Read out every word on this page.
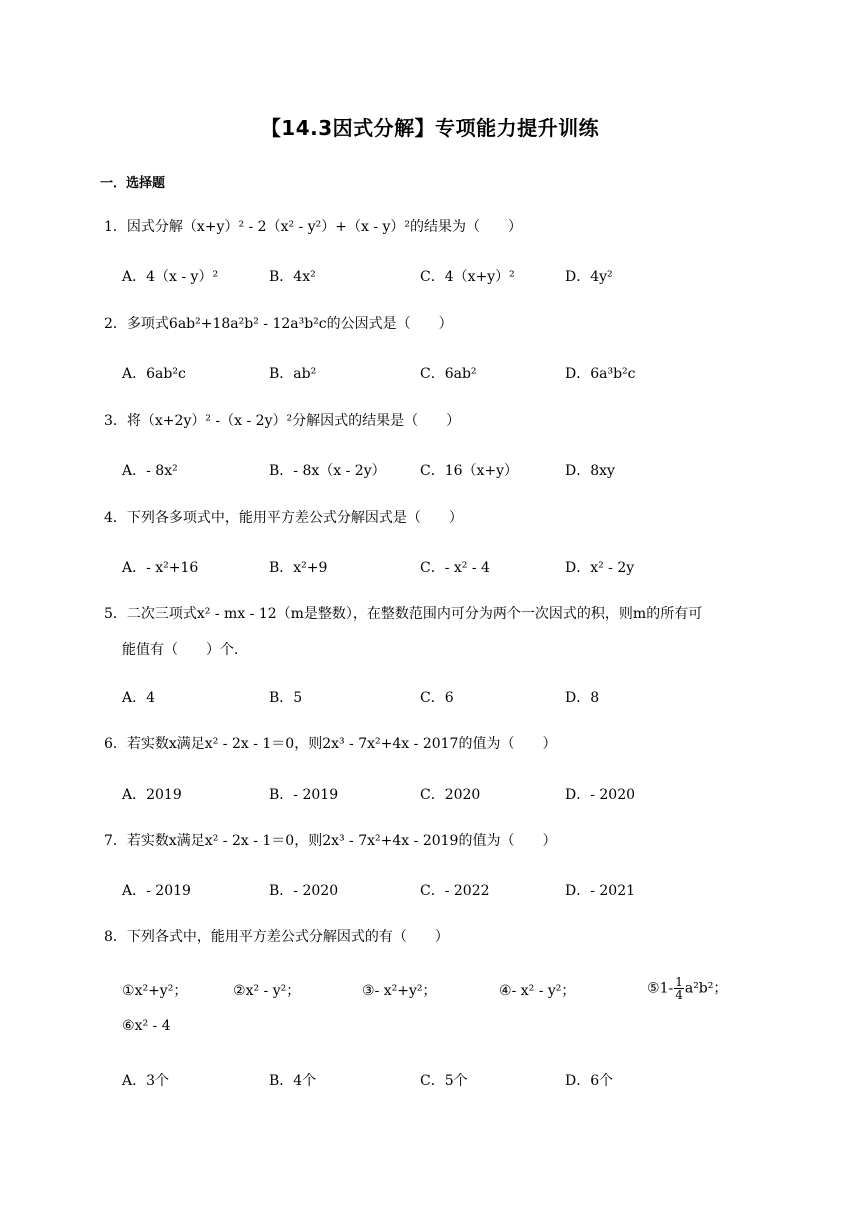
【14.3因式分解】专项能力提升训练
一．选择题
1．因式分解（x+y）² ‑ 2（x² ‑ y²）+（x ‑ y）²的结果为（　　）
A．4（x ‑ y）²	B．4x²	C．4（x+y）²	D．4y²
2．多项式6ab²+18a²b² ‑ 12a³b²c的公因式是（　　）
A．6ab²c	B．ab²	C．6ab²	D．6a³b²c
3．将（x+2y）² ‑（x ‑ 2y）²分解因式的结果是（　　）
A．‑ 8x²	B．‑ 8x（x ‑ 2y） C．16（x+y）	D．8xy
4．下列各多项式中，能用平方差公式分解因式是（　　）
A．‑ x²+16	B．x²+9	C．‑ x² ‑ 4	D．x² ‑ 2y
5．二次三项式x² ‑ mx ‑ 12（m是整数），在整数范围内可分为两个一次因式的积，则m的所有可
能值有（　　）个．
A．4	B．5	C．6	D．8
6．若实数x满足x² ‑ 2x ‑ 1＝0，则2x³ ‑ 7x²+4x ‑ 2017的值为（　　）
A．2019	B．‑ 2019	C．2020	D．‑ 2020
7．若实数x满足x² ‑ 2x ‑ 1＝0，则2x³ ‑ 7x²+4x ‑ 2019的值为（　　）
A．‑ 2019	B．‑ 2020	C．‑ 2022	D．‑ 2021
8．下列各式中，能用平方差公式分解因式的有（　　）
①x²+y²；	②x² ‑ y²；	③‑ x²+y²；	④‑ x² ‑ y²；	⑤1‑ $\frac{1}{4} a^2b^2$；
⑥x² ‑ 4
A．3个	B．4个	C．5个	D．6个
